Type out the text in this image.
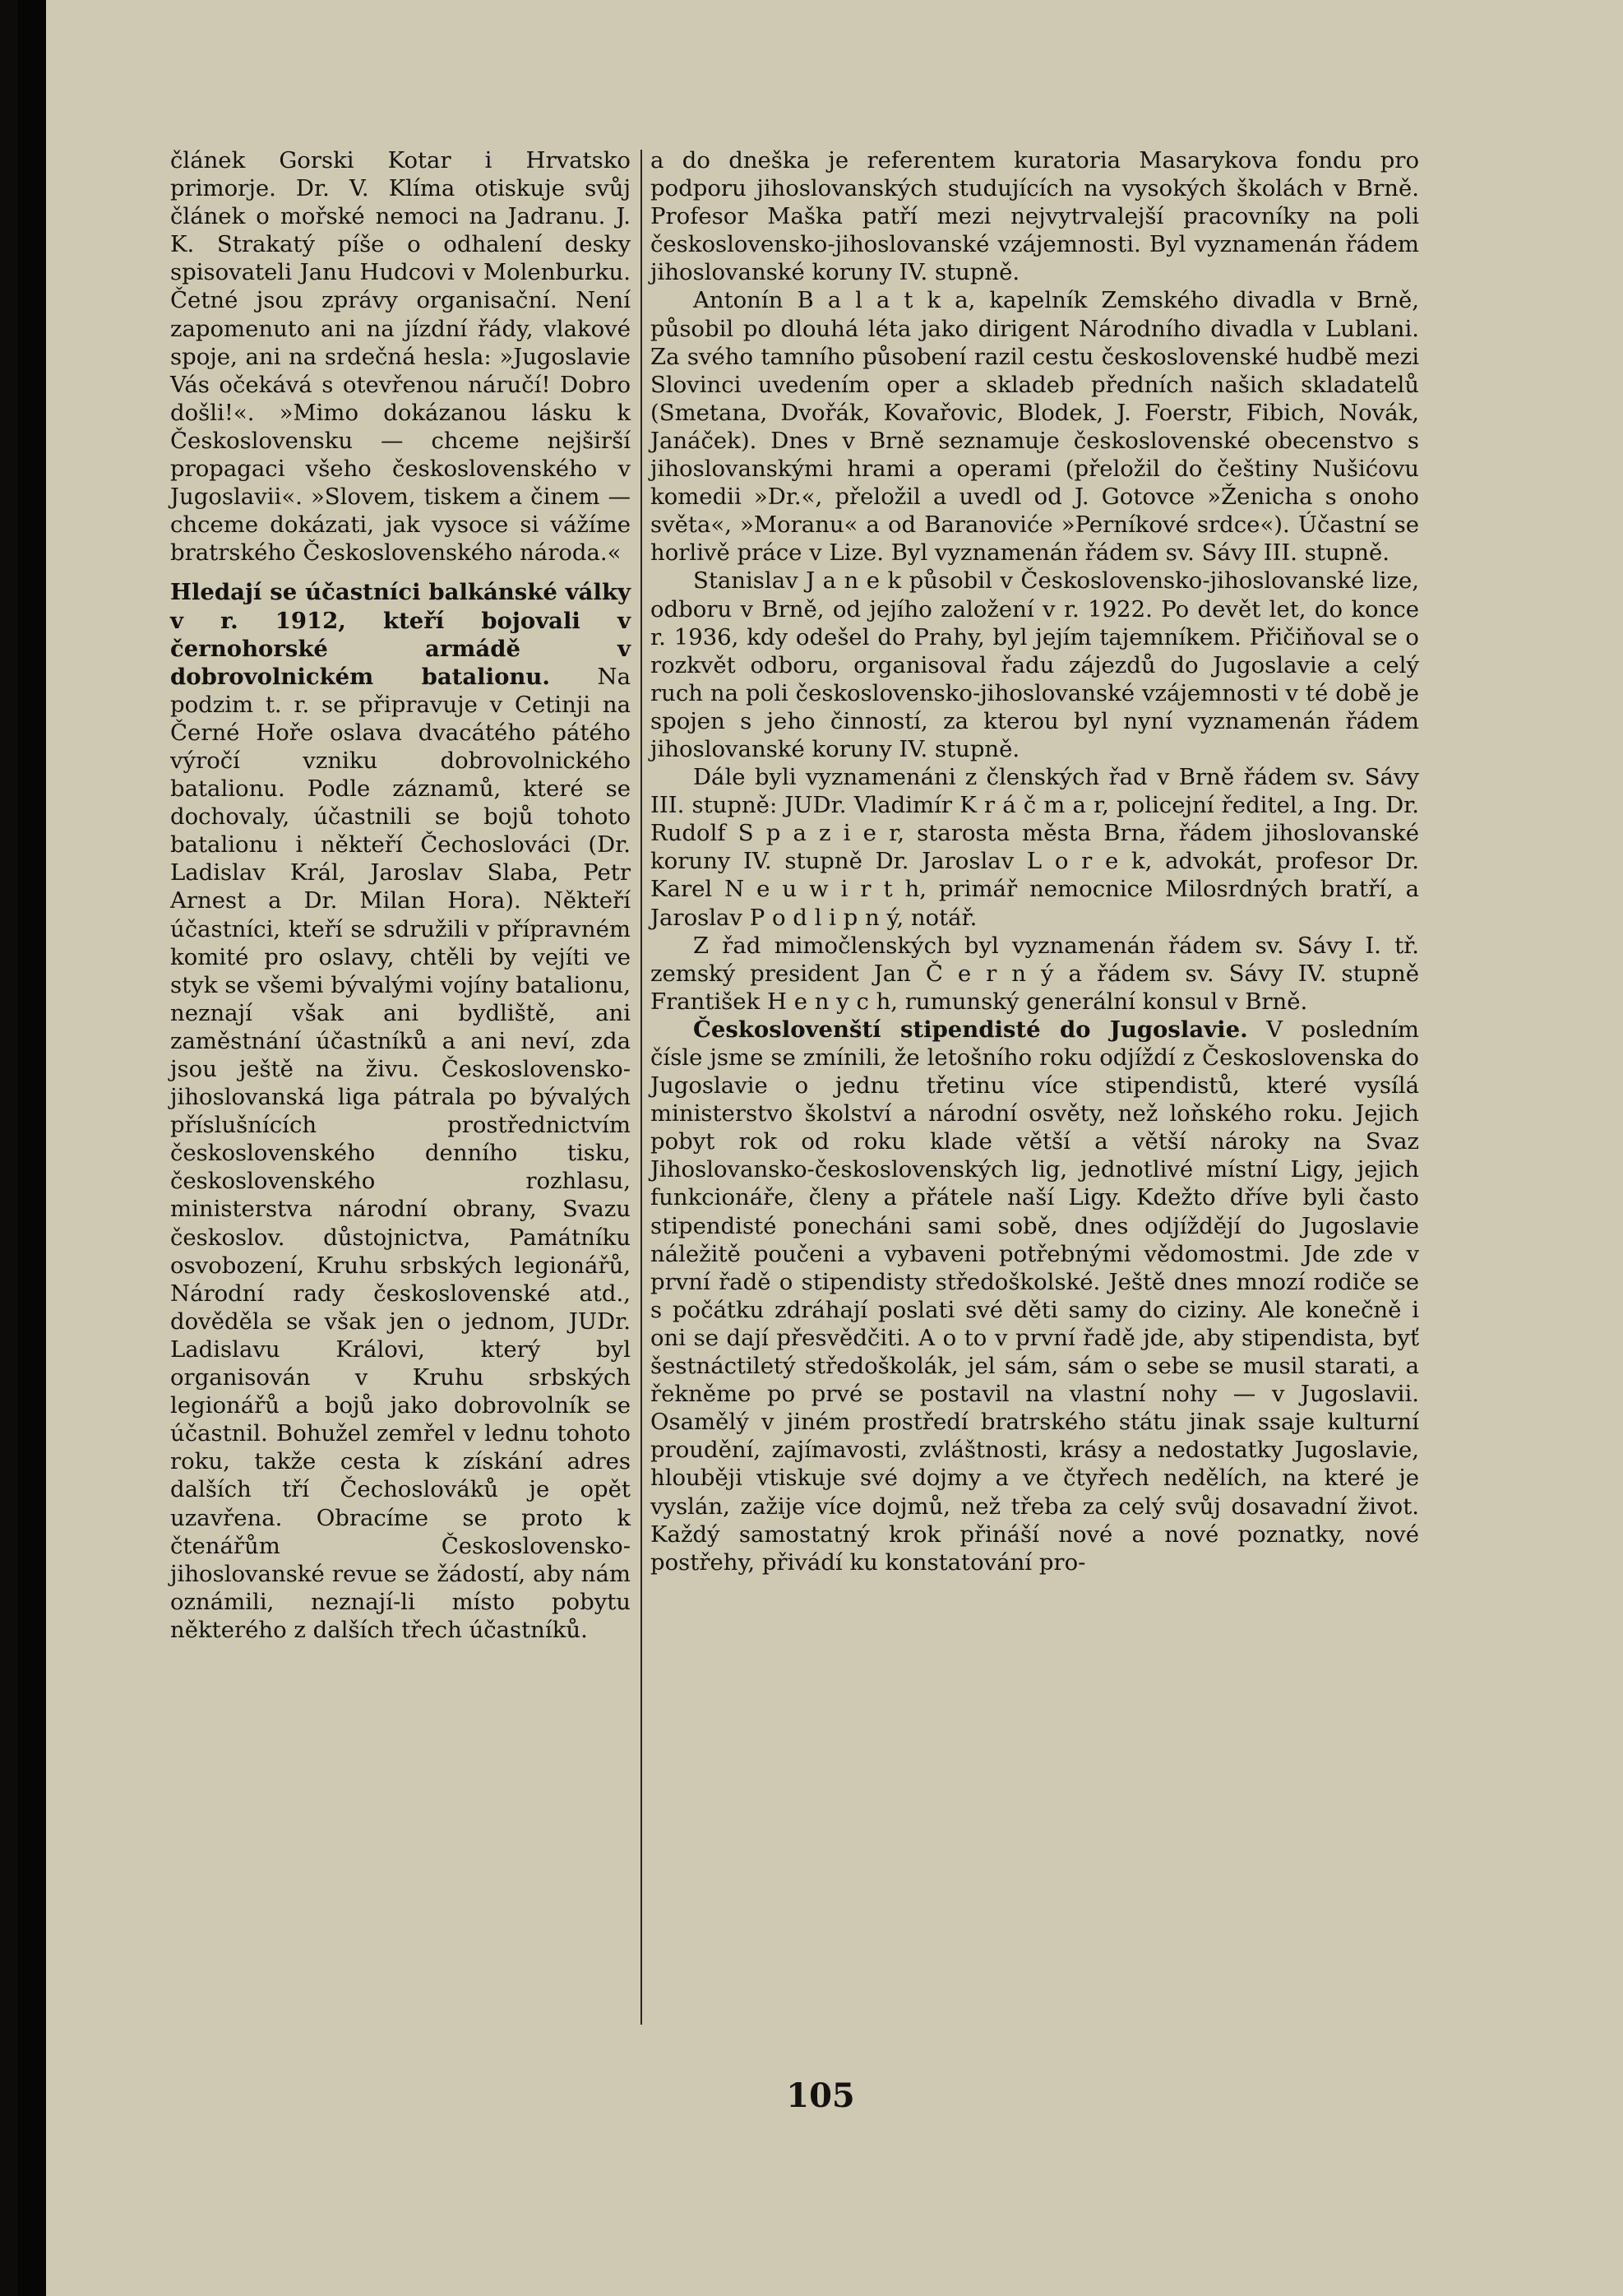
článek Gorski Kotar i Hrvatsko primorje. Dr. V. Klíma otiskuje svůj článek o mořské nemoci na Jadranu. J. K. Strakatý píše o odhalení desky spisovateli Janu Hudcovi v Molenburku. Četné jsou zprávy organisační. Není zapomenuto ani na jízdní řády, vlakové spoje, ani na srdečná hesla: »Jugoslavie Vás očekává s otevřenou náručí! Dobro došli!«. »Mimo dokázanou lásku k Československu — chceme nejširší propagaci všeho československého v Jugoslavii«. »Slovem, tiskem a činem — chceme dokázati, jak vysoce si vážíme bratrského Československého národa.«

Hledají se účastníci balkánské války v r. 1912, kteří bojovali v černohorské armádě v dobrovolnickém batalionu. Na podzim t. r. se připravuje v Cetinji na Černé Hoře oslava dvacátého pátého výročí vzniku dobrovolnického batalionu. Podle záznamů, které se dochovaly, účastnili se bojů tohoto batalionu i někteří Čechoslováci (Dr. Ladislav Král, Jaroslav Slaba, Petr Arnest a Dr. Milan Hora). Někteří účastníci, kteří se sdružili v přípravném komité pro oslavy, chtěli by vejíti ve styk se všemi bývalými vojíny batalionu, neznají však ani bydliště, ani zaměstnání účastníků a ani neví, zda jsou ještě na živu. Československo-jihoslovanská liga pátrala po bývalých příslušnících prostřednictvím československého denního tisku, československého rozhlasu, ministerstva národní obrany, Svazu českoslov. důstojnictva, Památníku osvobození, Kruhu srbských legionářů, Národní rady československé atd., dověděla se však jen o jednom, JUDr. Ladislavu Královi, který byl organisován v Kruhu srbských legionářů a bojů jako dobrovolník se účastnil. Bohužel zemřel v lednu tohoto roku, takže cesta k získání adres dalších tří Čechoslováků je opět uzavřena. Obracíme se proto k čtenářům Československo-jihoslovanské revue se žádostí, aby nám oznámili, neznají-li místo pobytu některého z dalších třech účastníků.

a do dneška je referentem kuratoria Masarykova fondu pro podporu jihoslovanských studujících na vysokých školách v Brně. Profesor Maška patří mezi nejvytrvalejší pracovníky na poli československo-jihoslovanské vzájemnosti. Byl vyznamenán řádem jihoslovanské koruny IV. stupně.

Antonín B a l a t k a, kapelník Zemského divadla v Brně, působil po dlouhá léta jako dirigent Národního divadla v Lublani. Za svého tamního působení razil cestu československé hudbě mezi Slovinci uvedením oper a skladeb předních našich skladatelů (Smetana, Dvořák, Kovařovic, Blodek, J. Foerstr, Fibich, Novák, Janáček). Dnes v Brně seznamuje československé obecenstvo s jihoslovanskými hrami a operami (přeložil do češtiny Nušićovu komedii »Dr.«, přeložil a uvedl od J. Gotovce »Ženicha s onoho světa«, »Moranu« a od Baranoviće »Perníkové srdce«). Účastní se horlivě práce v Lize. Byl vyznamenán řádem sv. Sávy III. stupně.

Stanislav J a n e k působil v Československo-jihoslovanské lize, odboru v Brně, od jejího založení v r. 1922. Po devět let, do konce r. 1936, kdy odešel do Prahy, byl jejím tajemníkem. Přičiňoval se o rozkvět odboru, organisoval řadu zájezdů do Jugoslavie a celý ruch na poli československo-jihoslovanské vzájemnosti v té době je spojen s jeho činností, za kterou byl nyní vyznamenán řádem jihoslovanské koruny IV. stupně.

Dále byli vyznamenáni z členských řad v Brně řádem sv. Sávy III. stupně: JUDr. Vladimír K r á č m a r, policejní ředitel, a Ing. Dr. Rudolf S p a z i e r, starosta města Brna, řádem jihoslovanské koruny IV. stupně Dr. Jaroslav L o r e k, advokát, profesor Dr. Karel N e u w i r t h, primář nemocnice Milosrdných bratří, a Jaroslav P o d l i p n ý, notář.

Z řad mimočlenských byl vyznamenán řádem sv. Sávy I. tř. zemský president Jan Č e r n ý a řádem sv. Sávy IV. stupně František H e n y c h, rumunský generální konsul v Brně.

Českoslovenští stipendisté do Jugoslavie. V posledním čísle jsme se zmínili, že letošního roku odjíždí z Československa do Jugoslavie o jednu třetinu více stipendistů, které vysílá ministerstvo školství a národní osvěty, než loňského roku. Jejich pobyt rok od roku klade větší a větší nároky na Svaz Jihoslovansko-československých lig, jednotlivé místní Ligy, jejich funkcionáře, členy a přátele naší Ligy. Kdežto dříve byli často stipendisté ponecháni sami sobě, dnes odjíždějí do Jugoslavie náležitě poučeni a vybaveni potřebnými vědomostmi. Jde zde v první řadě o stipendisty středoškolské. Ještě dnes mnozí rodiče se s počátku zdráhají poslati své děti samy do ciziny. Ale konečně i oni se dají přesvědčiti. A o to v první řadě jde, aby stipendista, byť šestnáctiletý středoškolák, jel sám, sám o sebe se musil starati, a řekněme po prvé se postavil na vlastní nohy — v Jugoslavii. Osamělý v jiném prostředí bratrského státu jinak ssaje kulturní proudění, zajímavosti, zvláštnosti, krásy a nedostatky Jugoslavie, hlouběji vtiskuje své dojmy a ve čtyřech nedělích, na které je vyslán, zažije více dojmů, než třeba za celý svůj dosavadní život. Každý samostatný krok přináší nové a nové poznatky, nové postřehy, přivádí ku konstatování pro-

105
